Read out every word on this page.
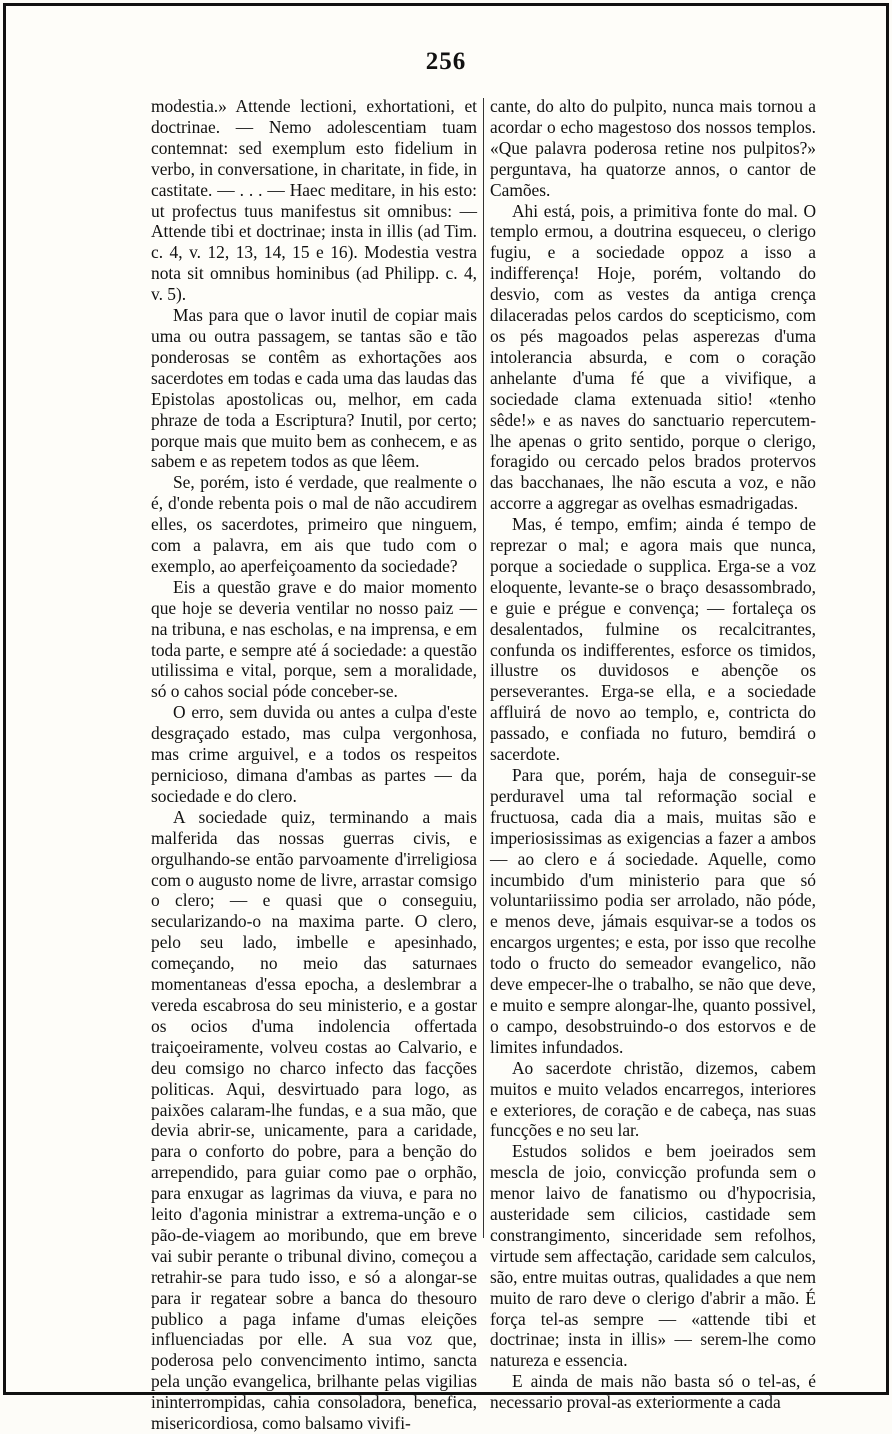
256

modestia.» Attende lectioni, exhortationi, et doctrinae. — Nemo adolescentiam tuam contemnat: sed exemplum esto fidelium in verbo, in conversatione, in charitate, in fide, in castitate. — . . . — Haec meditare, in his esto: ut profectus tuus manifestus sit omnibus: — Attende tibi et doctrinae; insta in illis (ad Tim. c. 4, v. 12, 13, 14, 15 e 16). Modestia vestra nota sit omnibus hominibus (ad Philipp. c. 4, v. 5).

Mas para que o lavor inutil de copiar mais uma ou outra passagem, se tantas são e tão ponderosas se contêm as exhortações aos sacerdotes em todas e cada uma das laudas das Epistolas apostolicas ou, melhor, em cada phraze de toda a Escriptura? Inutil, por certo; porque mais que muito bem as conhecem, e as sabem e as repetem todos as que lêem.

Se, porém, isto é verdade, que realmente o é, d'onde rebenta pois o mal de não accudirem elles, os sacerdotes, primeiro que ninguem, com a palavra, em ais que tudo com o exemplo, ao aperfeiçoamento da sociedade?

Eis a questão grave e do maior momento que hoje se deveria ventilar no nosso paiz — na tribuna, e nas escholas, e na imprensa, e em toda parte, e sempre até á sociedade: a questão utilissima e vital, porque, sem a moralidade, só o cahos social póde conceber-se.

O erro, sem duvida ou antes a culpa d'este desgraçado estado, mas culpa vergonhosa, mas crime arguivel, e a todos os respeitos pernicioso, dimana d'ambas as partes — da sociedade e do clero.

A sociedade quiz, terminando a mais malferida das nossas guerras civis, e orgulhando-se então parvoamente d'irreligiosa com o augusto nome de livre, arrastar comsigo o clero; — e quasi que o conseguiu, secularizando-o na maxima parte. O clero, pelo seu lado, imbelle e apesinhado, começando, no meio das saturnaes momentaneas d'essa epocha, a deslembrar a vereda escabrosa do seu ministerio, e a gostar os ocios d'uma indolencia offertada traiçoeiramente, volveu costas ao Calvario, e deu comsigo no charco infecto das facções politicas. Aqui, desvirtuado para logo, as paixões calaram-lhe fundas, e a sua mão, que devia abrir-se, unicamente, para a caridade, para o conforto do pobre, para a benção do arrependido, para guiar como pae o orphão, para enxugar as lagrimas da viuva, e para no leito d'agonia ministrar a extrema-unção e o pão-de-viagem ao moribundo, que em breve vai subir perante o tribunal divino, começou a retrahir-se para tudo isso, e só a alongar-se para ir regatear sobre a banca do thesouro publico a paga infame d'umas eleições influenciadas por elle. A sua voz que, poderosa pelo convencimento intimo, sancta pela unção evangelica, brilhante pelas vigilias ininterrompidas, cahia consoladora, benefica, misericordiosa, como balsamo vivifi-

cante, do alto do pulpito, nunca mais tornou a acordar o echo magestoso dos nossos templos. «Que palavra poderosa retine nos pulpitos?» perguntava, ha quatorze annos, o cantor de Camões.

Ahi está, pois, a primitiva fonte do mal. O templo ermou, a doutrina esqueceu, o clerigo fugiu, e a sociedade oppoz a isso a indifferença! Hoje, porém, voltando do desvio, com as vestes da antiga crença dilaceradas pelos cardos do scepticismo, com os pés magoados pelas asperezas d'uma intolerancia absurda, e com o coração anhelante d'uma fé que a vivifique, a sociedade clama extenuada sitio! «tenho sêde!» e as naves do sanctuario repercutem-lhe apenas o grito sentido, porque o clerigo, foragido ou cercado pelos brados protervos das bacchanaes, lhe não escuta a voz, e não accorre a aggregar as ovelhas esmadrigadas.

Mas, é tempo, emfim; ainda é tempo de reprezar o mal; e agora mais que nunca, porque a sociedade o supplica. Erga-se a voz eloquente, levante-se o braço desassombrado, e guie e prégue e convença; — fortaleça os desalentados, fulmine os recalcitrantes, confunda os indifferentes, esforce os timidos, illustre os duvidosos e abençõe os perseverantes. Erga-se ella, e a sociedade affluirá de novo ao templo, e, contricta do passado, e confiada no futuro, bemdirá o sacerdote.

Para que, porém, haja de conseguir-se perduravel uma tal reformação social e fructuosa, cada dia a mais, muitas são e imperiosissimas as exigencias a fazer a ambos — ao clero e á sociedade. Aquelle, como incumbido d'um ministerio para que só voluntariissimo podia ser arrolado, não póde, e menos deve, jámais esquivar-se a todos os encargos urgentes; e esta, por isso que recolhe todo o fructo do semeador evangelico, não deve empecer-lhe o trabalho, se não que deve, e muito e sempre alongar-lhe, quanto possivel, o campo, desobstruindo-o dos estorvos e de limites infundados.

Ao sacerdote christão, dizemos, cabem muitos e muito velados encarregos, interiores e exteriores, de coração e de cabeça, nas suas funcções e no seu lar.

Estudos solidos e bem joeirados sem mescla de joio, convicção profunda sem o menor laivo de fanatismo ou d'hypocrisia, austeridade sem cilicios, castidade sem constrangimento, sinceridade sem refolhos, virtude sem affectação, caridade sem calculos, são, entre muitas outras, qualidades a que nem muito de raro deve o clerigo d'abrir a mão. É força tel-as sempre — «attende tibi et doctrinae; insta in illis» — serem-lhe como natureza e essencia.

E ainda de mais não basta só o tel-as, é necessario proval-as exteriormente a cada
